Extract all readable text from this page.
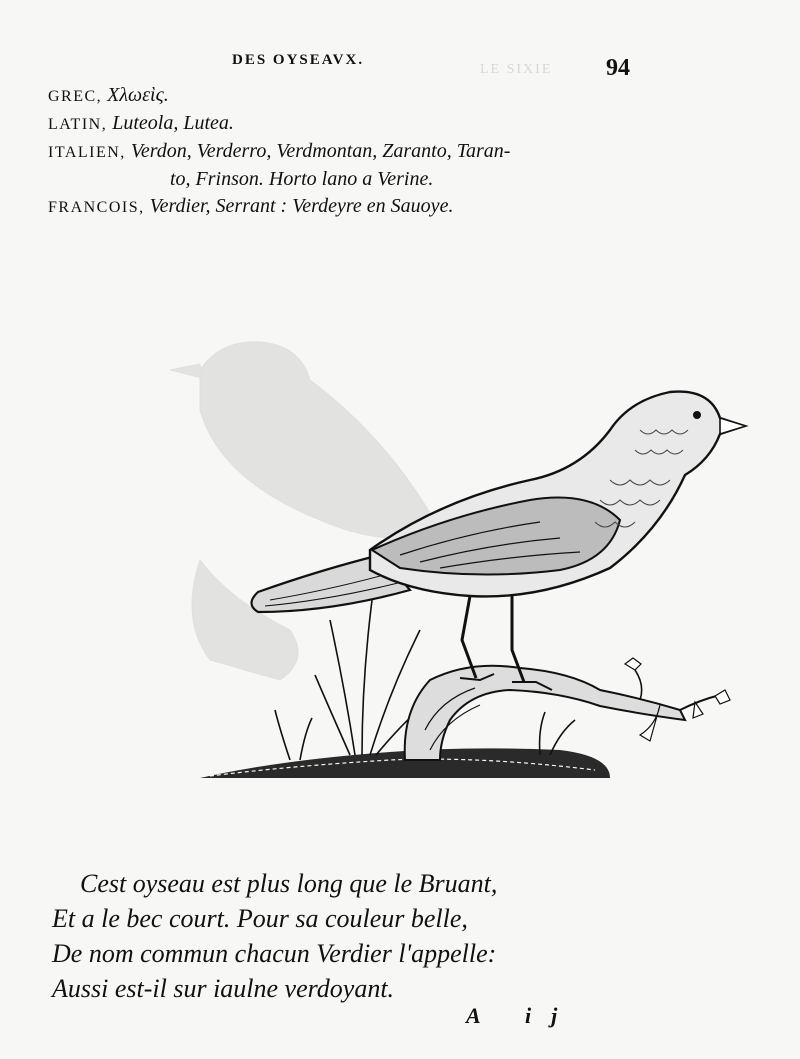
LE SIXIE
DES OYSEAVX.	94
GREC, Χλωεὶς.
LATIN, Luteola, Lutea.
ITALIEN, Verdon, Verderro, Verdmontan, Zaranto, Taran-
to, Frinson. Horto lano a Verine.
FRANCOIS, Verdier, Serrant : Verdeyre en Sauoye.
Cest oyseau est plus long que le Bruant,
Et a le bec court. Pour sa couleur belle,
De nom commun chacun Verdier l'appelle:
Aussi est-il sur iaulne verdoyant.
A ij
